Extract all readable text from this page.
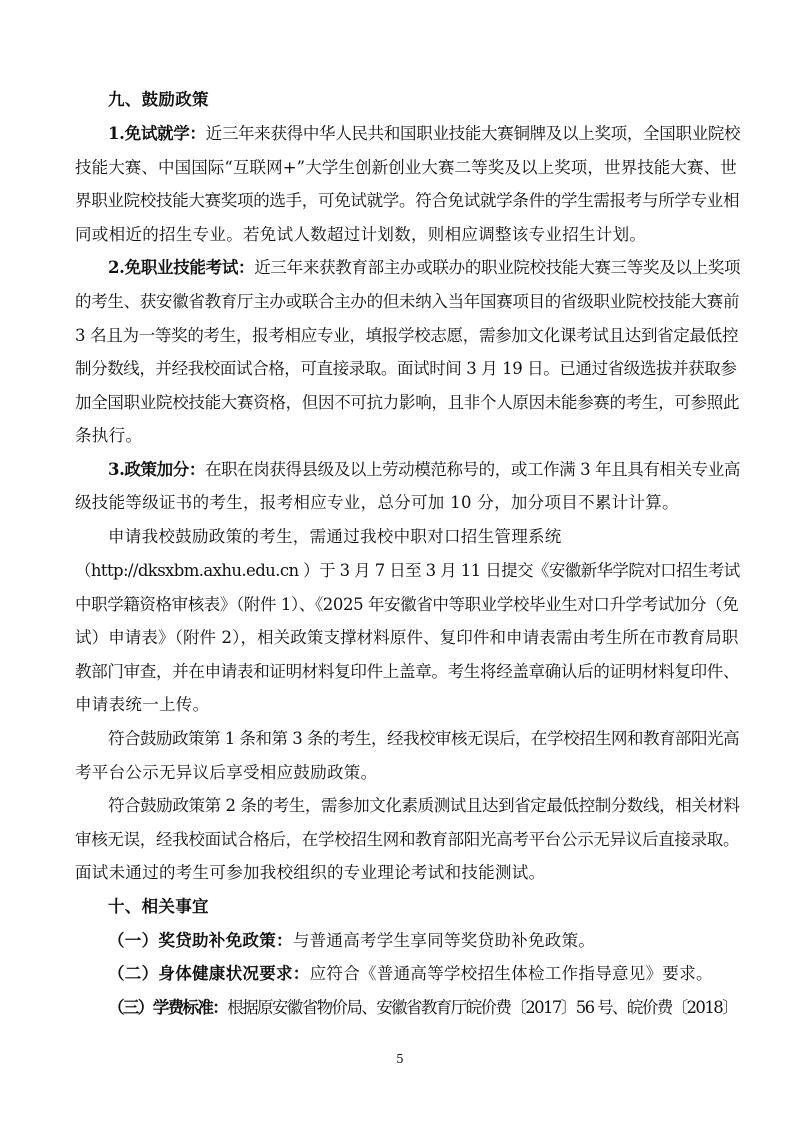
九、鼓励政策
1.免试就学：近三年来获得中华人民共和国职业技能大赛铜牌及以上奖项，全国职业院校
技能大赛、中国国际“互联网+”大学生创新创业大赛二等奖及以上奖项，世界技能大赛、世
界职业院校技能大赛奖项的选手，可免试就学。符合免试就学条件的学生需报考与所学专业相
同或相近的招生专业。若免试人数超过计划数，则相应调整该专业招生计划。
2.免职业技能考试：近三年来获教育部主办或联办的职业院校技能大赛三等奖及以上奖项
的考生、获安徽省教育厅主办或联合主办的但未纳入当年国赛项目的省级职业院校技能大赛前
3 名且为一等奖的考生，报考相应专业，填报学校志愿，需参加文化课考试且达到省定最低控
制分数线，并经我校面试合格，可直接录取。面试时间 3 月 19 日。已通过省级选拔并获取参
加全国职业院校技能大赛资格，但因不可抗力影响，且非个人原因未能参赛的考生，可参照此
条执行。
3.政策加分：在职在岗获得县级及以上劳动模范称号的，或工作满 3 年且具有相关专业高
级技能等级证书的考生，报考相应专业，总分可加 10 分，加分项目不累计计算。
申请我校鼓励政策的考生，需通过我校中职对口招生管理系统
（http://dksxbm.axhu.edu.cn ）于 3 月 7 日至 3 月 11 日提交《安徽新华学院对口招生考试
中职学籍资格审核表》（附件 1）、《2025 年安徽省中等职业学校毕业生对口升学考试加分（免
试）申请表》（附件 2），相关政策支撑材料原件、复印件和申请表需由考生所在市教育局职
教部门审查，并在申请表和证明材料复印件上盖章。考生将经盖章确认后的证明材料复印件、
申请表统一上传。
符合鼓励政策第 1 条和第 3 条的考生，经我校审核无误后，在学校招生网和教育部阳光高
考平台公示无异议后享受相应鼓励政策。
符合鼓励政策第 2 条的考生，需参加文化素质测试且达到省定最低控制分数线，相关材料
审核无误，经我校面试合格后，在学校招生网和教育部阳光高考平台公示无异议后直接录取。
面试未通过的考生可参加我校组织的专业理论考试和技能测试。
十、相关事宜
（一）奖贷助补免政策：与普通高考学生享同等奖贷助补免政策。
（二）身体健康状况要求：应符合《普通高等学校招生体检工作指导意见》要求。
（三）学费标准：根据原安徽省物价局、安徽省教育厅皖价费〔2017〕56 号、皖价费〔2018〕
5
